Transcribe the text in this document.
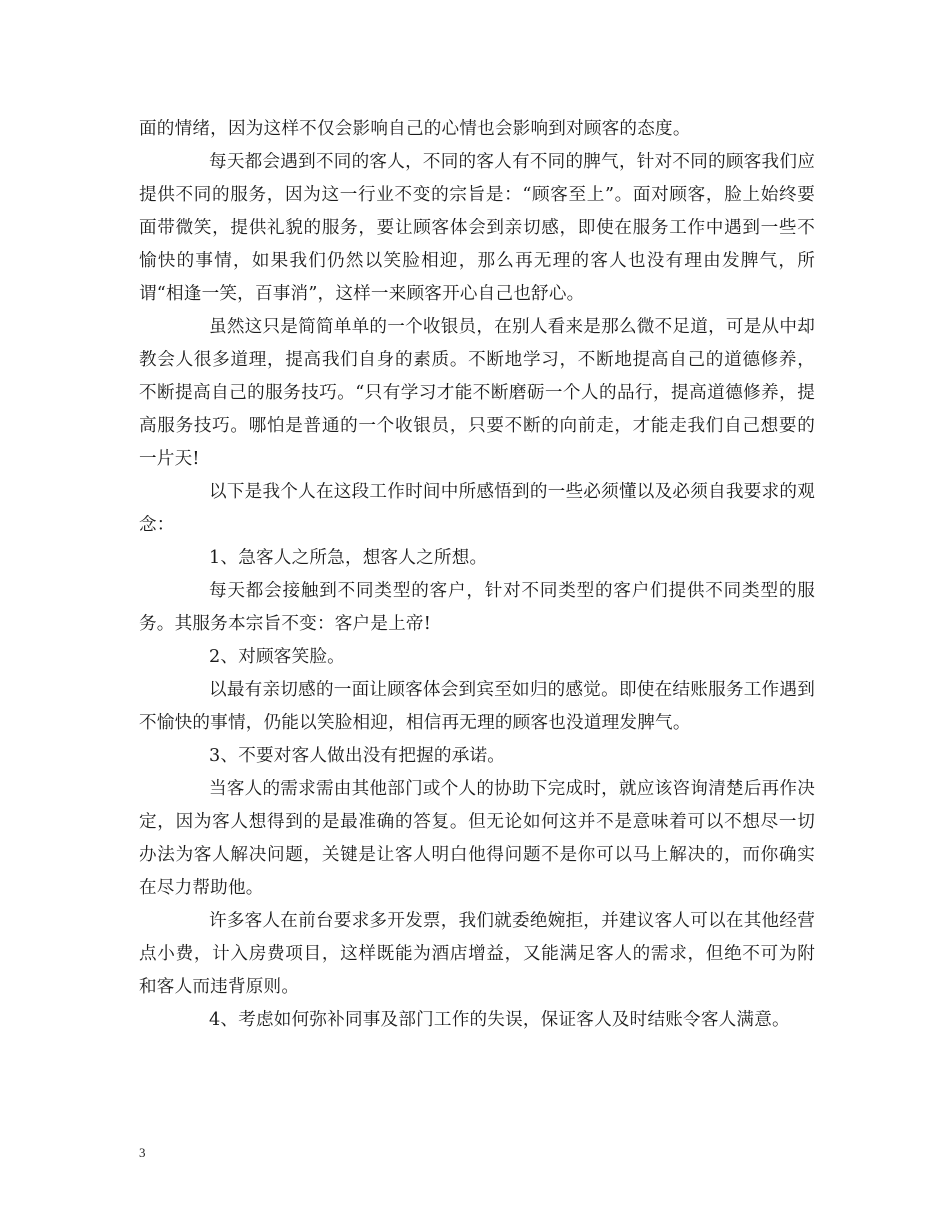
面的情绪，因为这样不仅会影响自己的心情也会影响到对顾客的态度。

每天都会遇到不同的客人，不同的客人有不同的脾气，针对不同的顾客我们应提供不同的服务，因为这一行业不变的宗旨是：“顾客至上”。面对顾客，脸上始终要面带微笑，提供礼貌的服务，要让顾客体会到亲切感，即使在服务工作中遇到一些不愉快的事情，如果我们仍然以笑脸相迎，那么再无理的客人也没有理由发脾气，所谓“相逢一笑，百事消”，这样一来顾客开心自己也舒心。

虽然这只是简简单单的一个收银员，在别人看来是那么微不足道，可是从中却教会人很多道理，提高我们自身的素质。不断地学习，不断地提高自己的道德修养，不断提高自己的服务技巧。“只有学习才能不断磨砺一个人的品行，提高道德修养，提高服务技巧。哪怕是普通的一个收银员，只要不断的向前走，才能走我们自己想要的一片天!

以下是我个人在这段工作时间中所感悟到的一些必须懂以及必须自我要求的观念：

1、急客人之所急，想客人之所想。

每天都会接触到不同类型的客户，针对不同类型的客户们提供不同类型的服务。其服务本宗旨不变：客户是上帝!

2、对顾客笑脸。

以最有亲切感的一面让顾客体会到宾至如归的感觉。即使在结账服务工作遇到不愉快的事情，仍能以笑脸相迎，相信再无理的顾客也没道理发脾气。

3、不要对客人做出没有把握的承诺。

当客人的需求需由其他部门或个人的协助下完成时，就应该咨询清楚后再作决定，因为客人想得到的是最准确的答复。但无论如何这并不是意味着可以不想尽一切办法为客人解决问题，关键是让客人明白他得问题不是你可以马上解决的，而你确实在尽力帮助他。

许多客人在前台要求多开发票，我们就委绝婉拒，并建议客人可以在其他经营点小费，计入房费项目，这样既能为酒店增益，又能满足客人的需求，但绝不可为附和客人而违背原则。

4、考虑如何弥补同事及部门工作的失误，保证客人及时结账令客人满意。

3
